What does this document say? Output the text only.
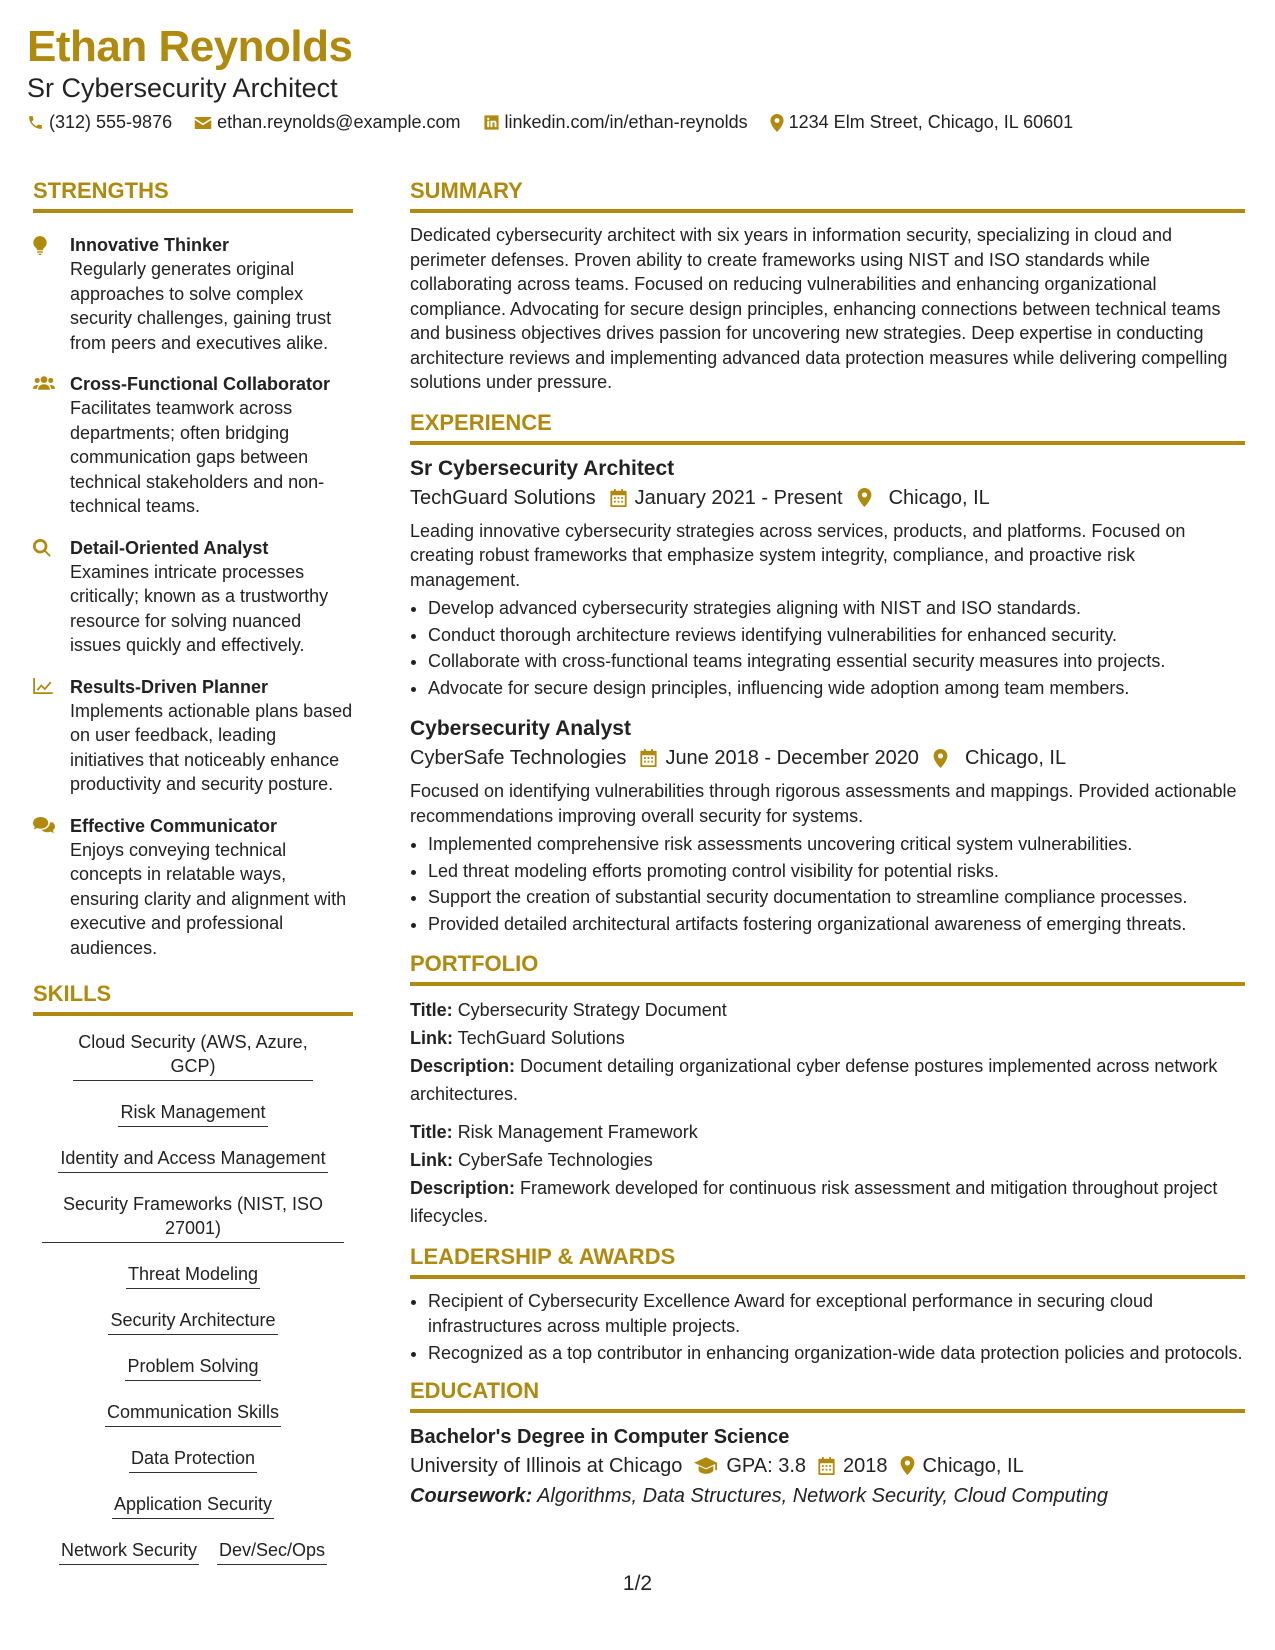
Ethan Reynolds
Sr Cybersecurity Architect
(312) 555-9876	ethan.reynolds@example.com linkedin.com/in/ethan-reynolds 1234 Elm Street, Chicago, IL 60601
STRENGTHS
Innovative Thinker
Regularly generates original approaches to solve complex security challenges, gaining trust from peers and executives alike.
Cross-Functional Collaborator
Facilitates teamwork across departments; often bridging communication gaps between technical stakeholders and non-technical teams.
Detail-Oriented Analyst
Examines intricate processes critically; known as a trustworthy resource for solving nuanced issues quickly and effectively.
Results-Driven Planner
Implements actionable plans based on user feedback, leading initiatives that noticeably enhance productivity and security posture.
Effective Communicator
Enjoys conveying technical concepts in relatable ways, ensuring clarity and alignment with executive and professional audiences.
SKILLS
Cloud Security (AWS, Azure, GCP)
Risk Management
Identity and Access Management
Security Frameworks (NIST, ISO 27001)
Threat Modeling
Security Architecture
Problem Solving
Communication Skills
Data Protection
Application Security
Network Security Dev/Sec/Ops
SUMMARY
Dedicated cybersecurity architect with six years in information security, specializing in cloud and perimeter defenses. Proven ability to create frameworks using NIST and ISO standards while collaborating across teams. Focused on reducing vulnerabilities and enhancing organizational compliance. Advocating for secure design principles, enhancing connections between technical teams and business objectives drives passion for uncovering new strategies. Deep expertise in conducting architecture reviews and implementing advanced data protection measures while delivering compelling solutions under pressure.
EXPERIENCE
Sr Cybersecurity Architect
TechGuard Solutions January 2021 - Present Chicago, IL
Leading innovative cybersecurity strategies across services, products, and platforms. Focused on creating robust frameworks that emphasize system integrity, compliance, and proactive risk management.
• Develop advanced cybersecurity strategies aligning with NIST and ISO standards.
• Conduct thorough architecture reviews identifying vulnerabilities for enhanced security.
• Collaborate with cross-functional teams integrating essential security measures into projects.
• Advocate for secure design principles, influencing wide adoption among team members.
Cybersecurity Analyst
CyberSafe Technologies June 2018 - December 2020 Chicago, IL
Focused on identifying vulnerabilities through rigorous assessments and mappings. Provided actionable recommendations improving overall security for systems.
• Implemented comprehensive risk assessments uncovering critical system vulnerabilities.
• Led threat modeling efforts promoting control visibility for potential risks.
• Support the creation of substantial security documentation to streamline compliance processes.
• Provided detailed architectural artifacts fostering organizational awareness of emerging threats.
PORTFOLIO
Title: Cybersecurity Strategy Document
Link: TechGuard Solutions
Description: Document detailing organizational cyber defense postures implemented across network architectures.
Title: Risk Management Framework
Link: CyberSafe Technologies
Description: Framework developed for continuous risk assessment and mitigation throughout project lifecycles.
LEADERSHIP & AWARDS
• Recipient of Cybersecurity Excellence Award for exceptional performance in securing cloud infrastructures across multiple projects.
• Recognized as a top contributor in enhancing organization-wide data protection policies and protocols.
EDUCATION
Bachelor's Degree in Computer Science
University of Illinois at Chicago GPA: 3.8 2018 Chicago, IL
Coursework: Algorithms, Data Structures, Network Security, Cloud Computing
1/2
